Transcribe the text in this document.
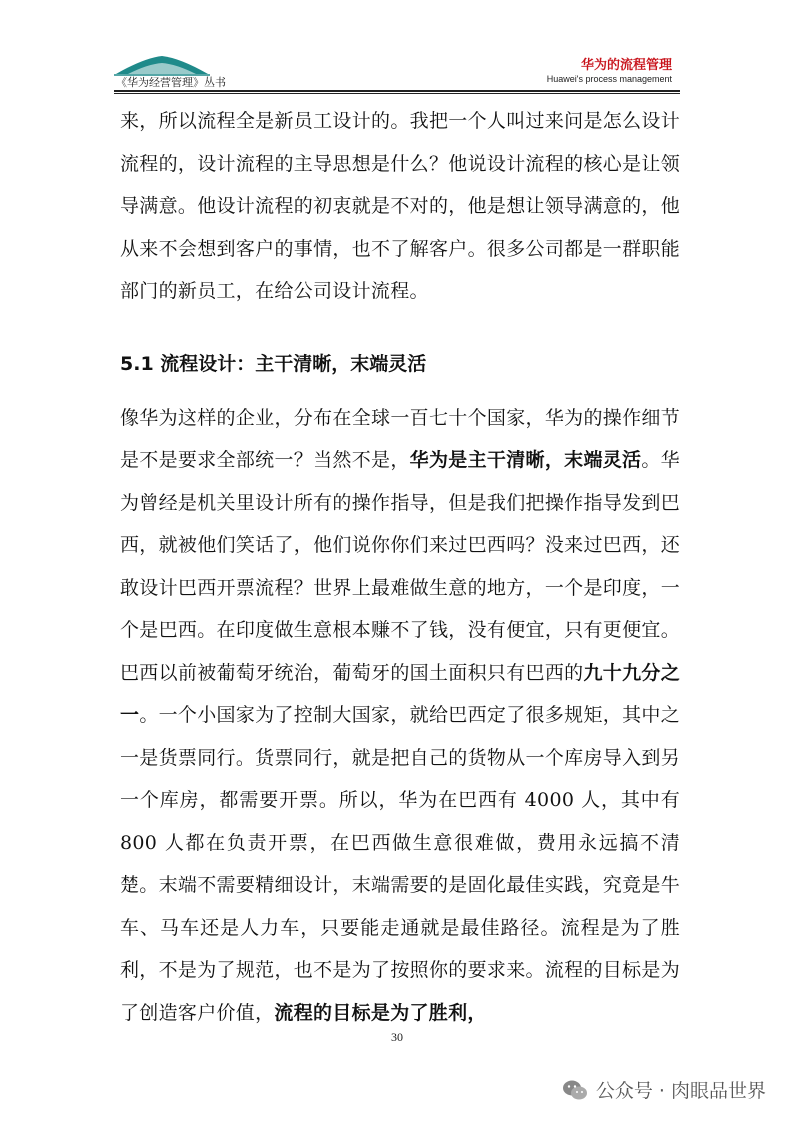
《华为经营管理》丛书
华为的流程管理
Huawei's process management

来，所以流程全是新员工设计的。我把一个人叫过来问是怎么设计流程的，设计流程的主导思想是什么？他说设计流程的核心是让领导满意。他设计流程的初衷就是不对的，他是想让领导满意的，他从来不会想到客户的事情，也不了解客户。很多公司都是一群职能部门的新员工，在给公司设计流程。

5.1 流程设计：主干清晰，末端灵活

像华为这样的企业，分布在全球一百七十个国家，华为的操作细节是不是要求全部统一？当然不是，华为是主干清晰，末端灵活。华为曾经是机关里设计所有的操作指导，但是我们把操作指导发到巴西，就被他们笑话了，他们说你你们来过巴西吗？没来过巴西，还敢设计巴西开票流程？世界上最难做生意的地方，一个是印度，一个是巴西。在印度做生意根本赚不了钱，没有便宜，只有更便宜。巴西以前被葡萄牙统治，葡萄牙的国土面积只有巴西的九十九分之一。一个小国家为了控制大国家，就给巴西定了很多规矩，其中之一是货票同行。货票同行，就是把自己的货物从一个库房导入到另一个库房，都需要开票。所以，华为在巴西有 4000 人，其中有 800 人都在负责开票，在巴西做生意很难做，费用永远搞不清楚。末端不需要精细设计，末端需要的是固化最佳实践，究竟是牛车、马车还是人力车，只要能走通就是最佳路径。流程是为了胜利，不是为了规范，也不是为了按照你的要求来。流程的目标是为了创造客户价值，流程的目标是为了胜利，

30
公众号 · 肉眼品世界
